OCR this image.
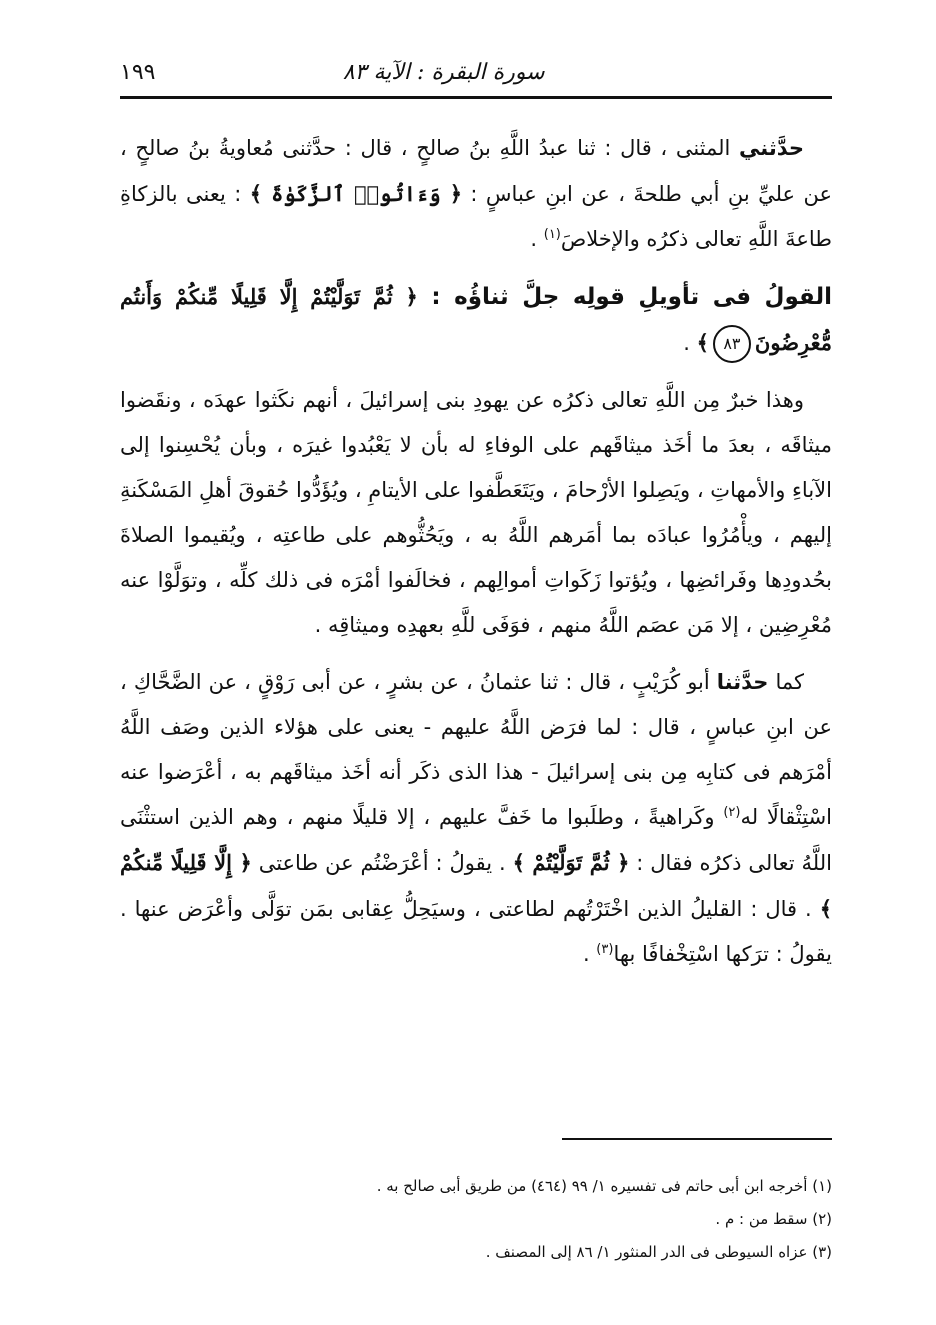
سورة البقرة : الآية ٨٣
١٩٩

حدَّثني المثنى ، قال : ثنا عبدُ اللَّهِ بنُ صالحٍ ، قال : حدَّثنى مُعاويةُ بنُ صالحٍ ، عن عليِّ بنِ أبي طلحةَ ، عن ابنِ عباسٍ : ﴿ وَءَاتُوا۟ ٱلزَّكَوٰةَ ﴾ : يعنى بالزكاةِ طاعةَ اللَّهِ تعالى ذكرُه والإخلاصَ$^{(١)}$ .

القولُ فى تأويلِ قولِه جلَّ ثناؤُه : ﴿ ثُمَّ تَوَلَّيْتُمْ إِلَّا قَلِيلًا مِّنكُمْ وَأَنتُم مُّعْرِضُونَ٨٣﴾ .

وهذا خبرٌ مِن اللَّهِ تعالى ذكرُه عن يهودِ بنى إسرائيلَ ، أنهم نكَثوا عهدَه ، ونقَضوا ميثاقَه ، بعدَ ما أخَذ ميثاقَهم على الوفاءِ له بأن لا يَعْبُدوا غيرَه ، وبأن يُحْسِنوا إلى الآباءِ والأمهاتِ ، ويَصِلوا الأرْحامَ ، ويَتَعَطَّفوا على الأيتامِ ، ويُؤَدُّوا حُقوقَ أهلِ المَسْكَنةِ إليهم ، ويأْمُرُوا عبادَه بما أمَرهم اللَّهُ به ، ويَحُثُّوهم على طاعتِه ، ويُقيموا الصلاةَ بحُدودِها وفَرائضِها ، ويُؤتوا زَكَواتِ أموالِهم ، فخالَفوا أمْرَه فى ذلك كلِّه ، وتوَلَّوْا عنه مُعْرِضِين ، إلا مَن عصَم اللَّهُ منهم ، فوَفَى للَّهِ بعهدِه وميثاقِه .

كما حدَّثنا أبو كُرَيْبٍ ، قال : ثنا عثمانُ ، عن بشرٍ ، عن أبى رَوْقٍ ، عن الضَّحَّاكِ ، عن ابنِ عباسٍ ، قال : لما فرَض اللَّهُ عليهم - يعنى على هؤلاء الذين وصَف اللَّهُ أمْرَهم فى كتابِه مِن بنى إسرائيلَ - هذا الذى ذكَر أنه أخَذ ميثاقَهم به ، أعْرَضوا عنه اسْتِثْقالًا له$^{(٢)}$ وكَراهيةً ، وطلَبوا ما خَفَّ عليهم ، إلا قليلًا منهم ، وهم الذين استثْنَى اللَّهُ تعالى ذكرُه فقال : ﴿ ثُمَّ تَوَلَّيْتُمْ ﴾ . يقولُ : أعْرَضْتُم عن طاعتى ﴿ إِلَّا قَلِيلًا مِّنكُمْ ﴾ . قال : القليلُ الذين اخْتَرْتُهم لطاعتى ، وسيَحِلُّ عِقابى بمَن توَلَّى وأعْرَض عنها . يقولُ : ترَكها اسْتِخْفافًا بها$^{(٣)}$ .

(١) أخرجه ابن أبى حاتم فى تفسيره ١/ ٩٩ (٤٦٤) من طريق أبى صالح به .

(٢) سقط من : م .

(٣) عزاه السيوطى فى الدر المنثور ١/ ٨٦ إلى المصنف .
